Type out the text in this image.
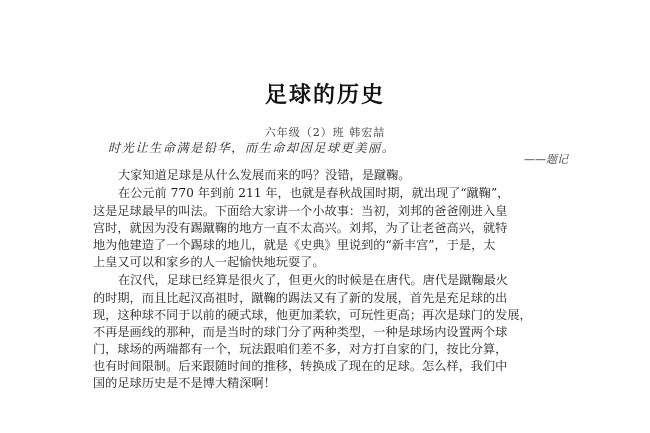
足球的历史
六年级（2）班 韩宏喆
时光让生命满是铅华，而生命却因足球更美丽。
——题记
大家知道足球是从什么发展而来的吗？没错，是蹴鞠。
在公元前 770 年到前 211 年，也就是春秋战国时期，就出现了“蹴鞠”，
这是足球最早的叫法。下面给大家讲一个小故事：当初，刘邦的爸爸刚进入皇
宫时，就因为没有踢蹴鞠的地方一直不太高兴。刘邦，为了让老爸高兴，就特
地为他建造了一个踢球的地儿，就是《史典》里说到的“新丰宫”，于是，太
上皇又可以和家乡的人一起愉快地玩耍了。
在汉代，足球已经算是很火了，但更火的时候是在唐代。唐代是蹴鞠最火
的时期，而且比起汉高祖时，蹴鞠的踢法又有了新的发展，首先是充足球的出
现，这种球不同于以前的硬式球，他更加柔软，可玩性更高；再次是球门的发展，
不再是画线的那种，而是当时的球门分了两种类型，一种是球场内设置两个球
门，球场的两端都有一个，玩法跟咱们差不多，对方打自家的门，按比分算，
也有时间限制。后来跟随时间的推移，转换成了现在的足球。怎么样，我们中
国的足球历史是不是博大精深啊！
